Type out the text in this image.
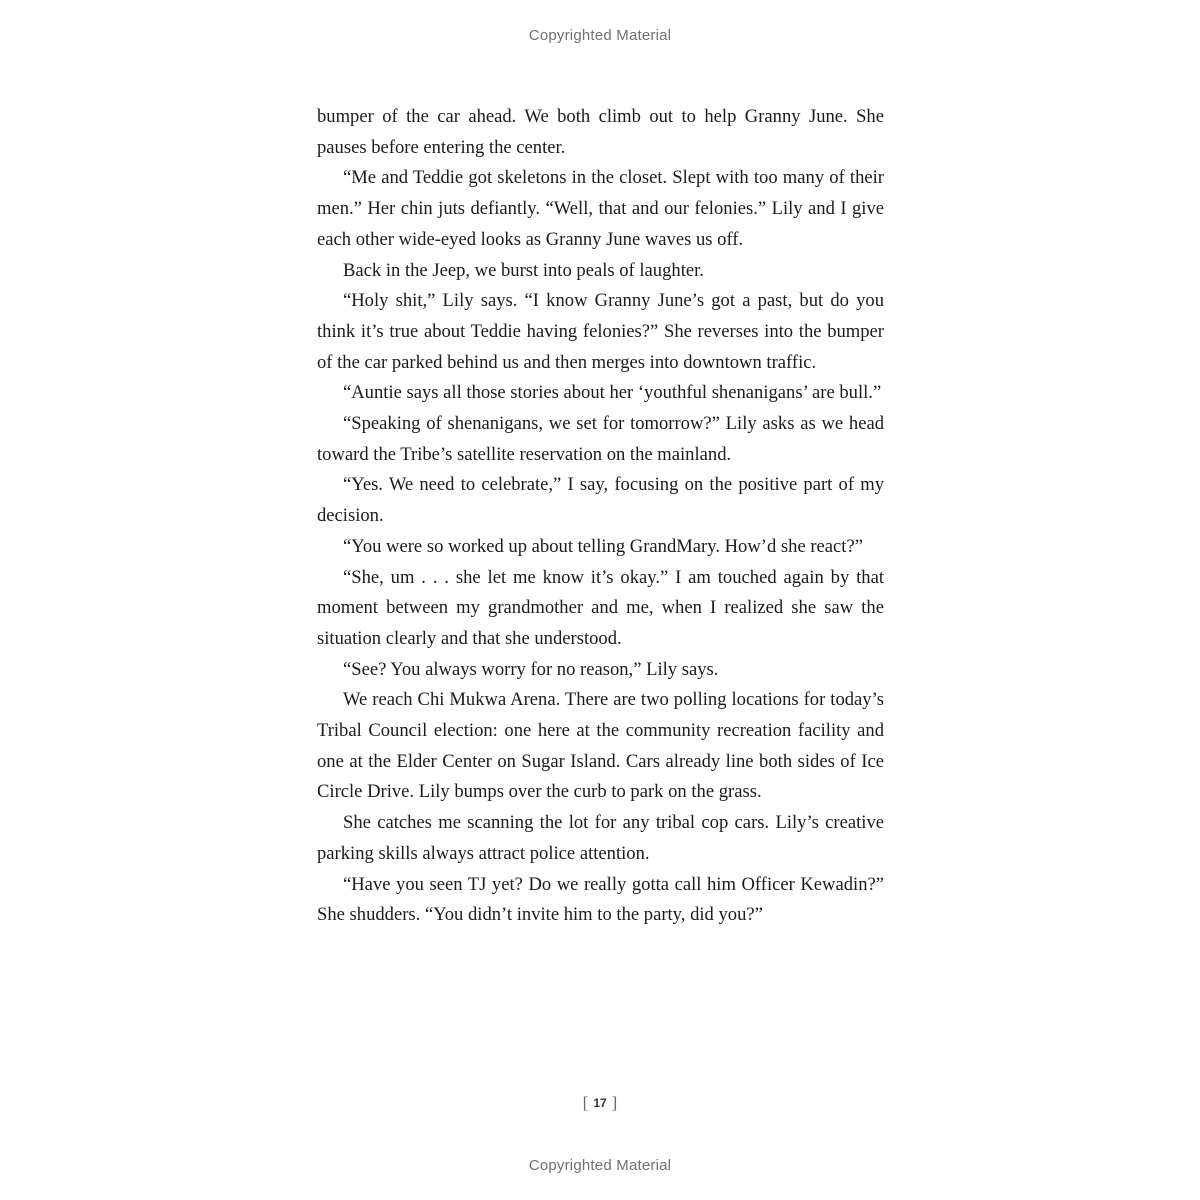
Copyrighted Material

bumper of the car ahead. We both climb out to help Granny June. She pauses before entering the center.

“Me and Teddie got skeletons in the closet. Slept with too many of their men.” Her chin juts defiantly. “Well, that and our felonies.” Lily and I give each other wide-eyed looks as Granny June waves us off.

Back in the Jeep, we burst into peals of laughter.

“Holy shit,” Lily says. “I know Granny June’s got a past, but do you think it’s true about Teddie having felonies?” She reverses into the bumper of the car parked behind us and then merges into downtown traffic.

“Auntie says all those stories about her ‘youthful shenanigans’ are bull.”

“Speaking of shenanigans, we set for tomorrow?” Lily asks as we head toward the Tribe’s satellite reservation on the mainland.

“Yes. We need to celebrate,” I say, focusing on the positive part of my decision.

“You were so worked up about telling GrandMary. How’d she react?”

“She, um . . . she let me know it’s okay.” I am touched again by that moment between my grandmother and me, when I realized she saw the situation clearly and that she understood.

“See? You always worry for no reason,” Lily says.

We reach Chi Mukwa Arena. There are two polling locations for today’s Tribal Council election: one here at the community recreation facility and one at the Elder Center on Sugar Island. Cars already line both sides of Ice Circle Drive. Lily bumps over the curb to park on the grass.

She catches me scanning the lot for any tribal cop cars. Lily’s creative parking skills always attract police attention.

“Have you seen TJ yet? Do we really gotta call him Officer Kewadin?” She shudders. “You didn’t invite him to the party, did you?”

[ 17 ]
Copyrighted Material
